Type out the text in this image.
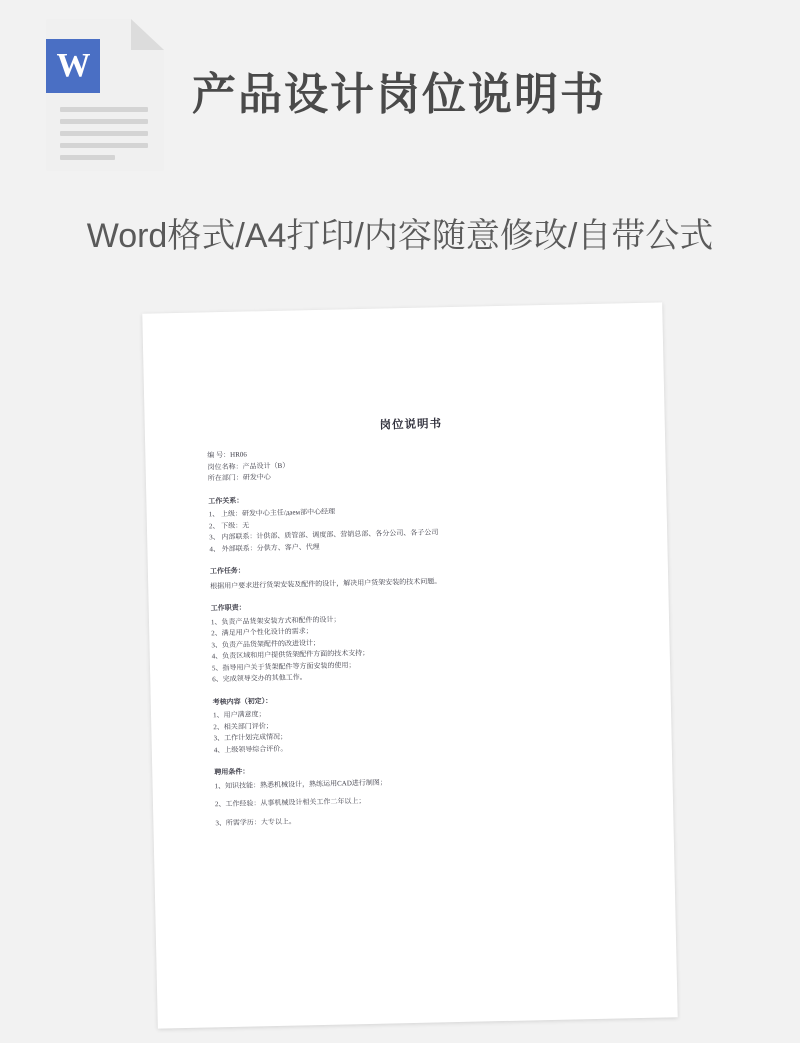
W
产品设计岗位说明书
Word格式/A4打印/内容随意修改/自带公式
岗位说明书
编 号：HR06
岗位名称：产品设计（B）
所在部门：研发中心
工作关系：
1、 上级：研发中心主任/даем部中心经理
2、 下级：无
3、 内部联系：计供部、质管部、调度部、营销总部、各分公司、各子公司
4、 外部联系：分供方、客户、代理
工作任务：
根据用户要求进行货架安装及配件的设计，解决用户货架安装的技术问题。
工作职责：
1、负责产品货架安装方式和配件的设计；
2、满足用户个性化设计的需求；
3、负责产品货架配件的改进设计；
4、负责区域和用户提供货架配件方面的技术支持；
5、指导用户关于货架配件等方面安装的使用；
6、完成领导交办的其他工作。
考核内容（初定）：
1、用户满意度；
2、相关部门评价；
3、工作计划完成情况；
4、上级领导综合评价。
聘用条件：
1、知识技能：熟悉机械设计，熟练运用CAD进行制图；
2、工作经验：从事机械设计相关工作二年以上；
3、所需学历：大专以上。
